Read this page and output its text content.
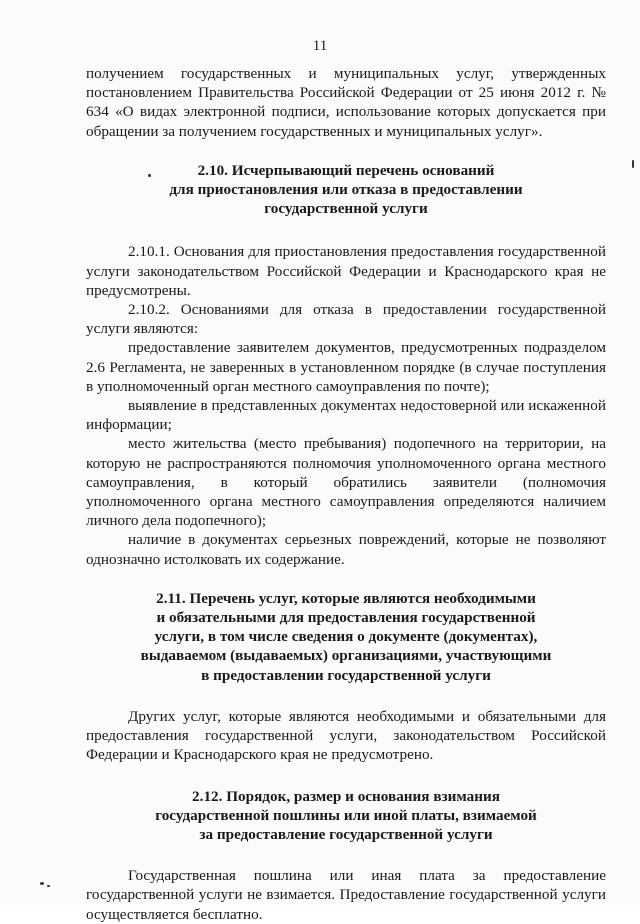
11

получением государственных и муниципальных услуг, утвержденных постановлением Правительства Российской Федерации от 25 июня 2012 г. № 634 «О видах электронной подписи, использование которых допускается при обращении за получением государственных и муниципальных услуг».

2.10. Исчерпывающий перечень оснований
для приостановления или отказа в предоставлении
государственной услуги

2.10.1. Основания для приостановления предоставления государственной услуги законодательством Российской Федерации и Краснодарского края не предусмотрены.

2.10.2. Основаниями для отказа в предоставлении государственной услуги являются:

предоставление заявителем документов, предусмотренных подразделом 2.6 Регламента, не заверенных в установленном порядке (в случае поступления в уполномоченный орган местного самоуправления по почте);

выявление в представленных документах недостоверной или искаженной информации;

место жительства (место пребывания) подопечного на территории, на которую не распространяются полномочия уполномоченного органа местного самоуправления, в который обратились заявители (полномочия уполномоченного органа местного самоуправления определяются наличием личного дела подопечного);

наличие в документах серьезных повреждений, которые не позволяют однозначно истолковать их содержание.

2.11. Перечень услуг, которые являются необходимыми
и обязательными для предоставления государственной
услуги, в том числе сведения о документе (документах),
выдаваемом (выдаваемых) организациями, участвующими
в предоставлении государственной услуги

Других услуг, которые являются необходимыми и обязательными для предоставления государственной услуги, законодательством Российской Федерации и Краснодарского края не предусмотрено.

2.12. Порядок, размер и основания взимания
государственной пошлины или иной платы, взимаемой
за предоставление государственной услуги

Государственная пошлина или иная плата за предоставление государственной услуги не взимается. Предоставление государственной услуги осуществляется бесплатно.
